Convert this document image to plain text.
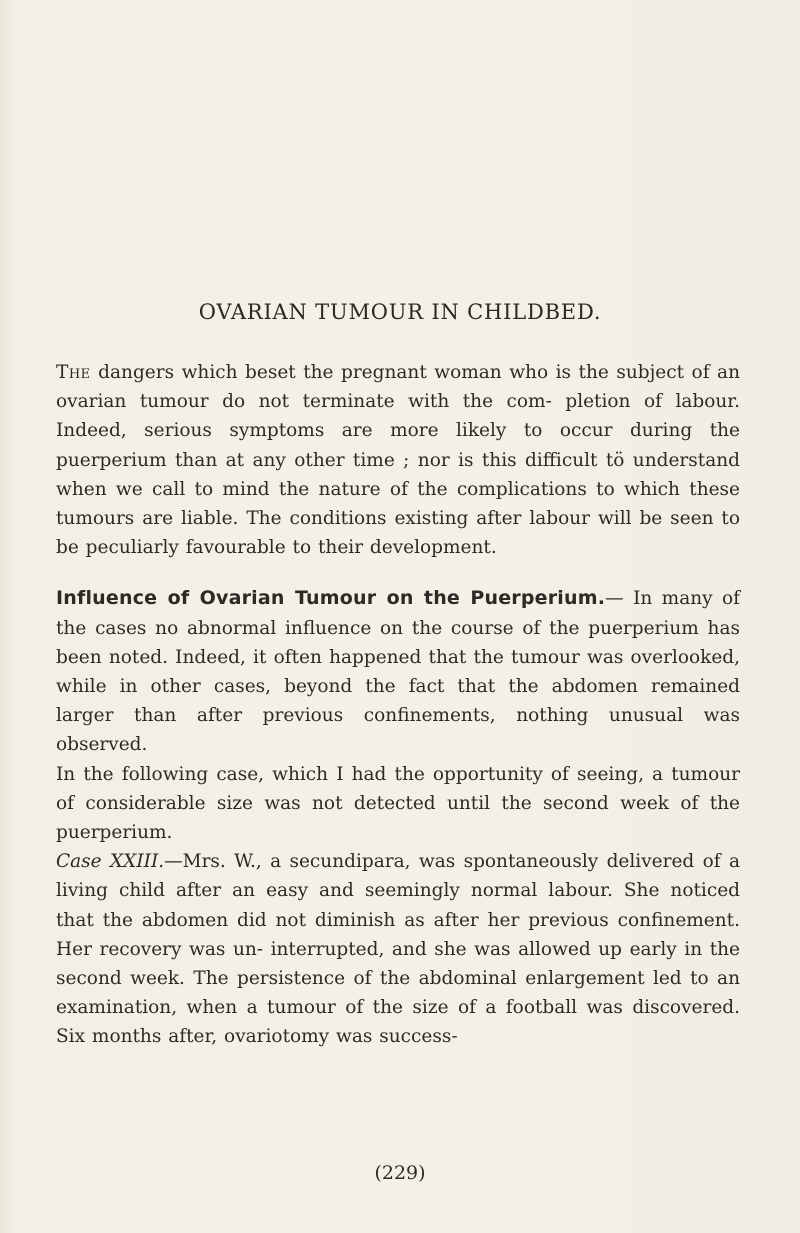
OVARIAN TUMOUR IN CHILDBED.

The dangers which beset the pregnant woman who is the subject of an ovarian tumour do not terminate with the com- pletion of labour. Indeed, serious symptoms are more likely to occur during the puerperium than at any other time ; nor is this difficult tö understand when we call to mind the nature of the complications to which these tumours are liable. The conditions existing after labour will be seen to be peculiarly favourable to their development.

Influence of Ovarian Tumour on the Puerperium.— In many of the cases no abnormal influence on the course of the puerperium has been noted. Indeed, it often happened that the tumour was overlooked, while in other cases, beyond the fact that the abdomen remained larger than after previous confinements, nothing unusual was observed.

In the following case, which I had the opportunity of seeing, a tumour of considerable size was not detected until the second week of the puerperium.

Case XXIII.—Mrs. W., a secundipara, was spontaneously delivered of a living child after an easy and seemingly normal labour. She noticed that the abdomen did not diminish as after her previous confinement. Her recovery was un- interrupted, and she was allowed up early in the second week. The persistence of the abdominal enlargement led to an examination, when a tumour of the size of a football was discovered. Six months after, ovariotomy was success-

(229)
